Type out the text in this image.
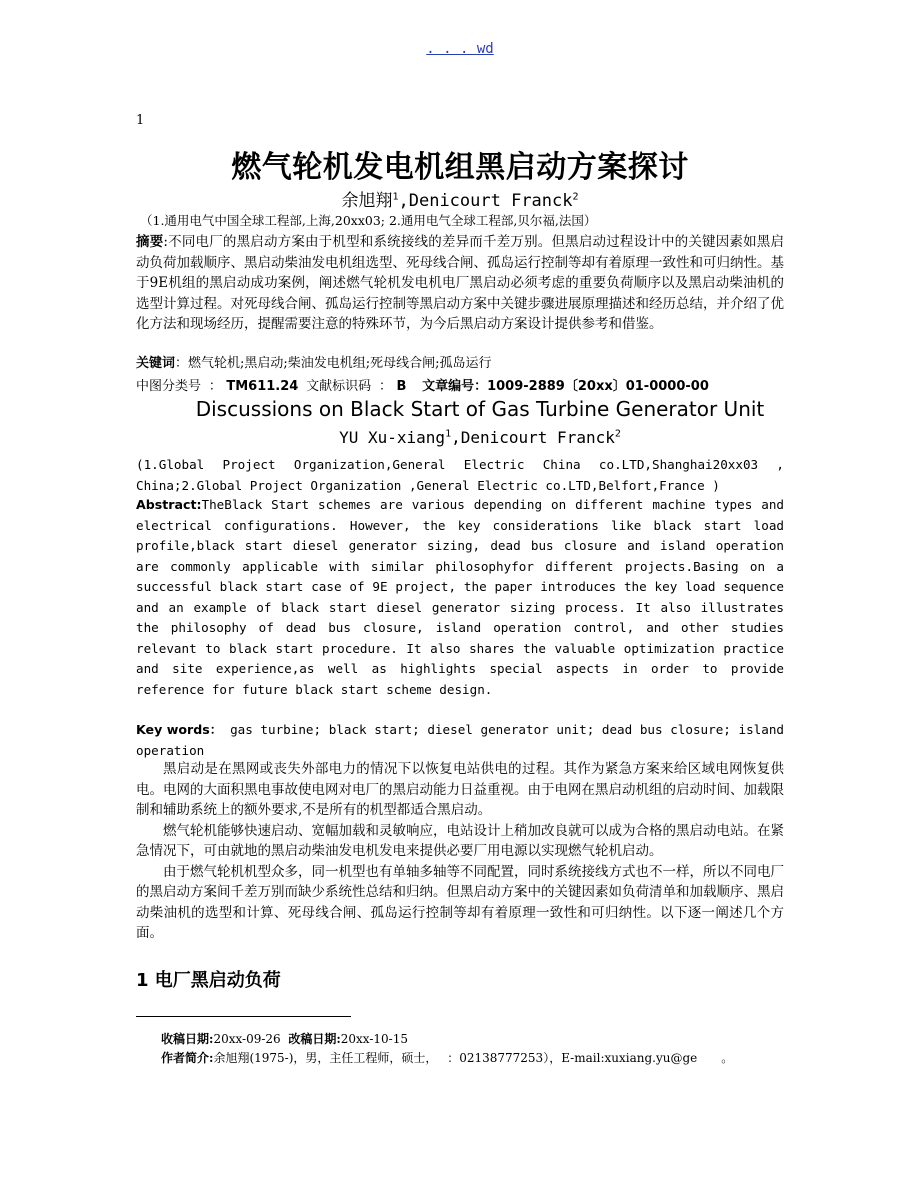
. . . wd
1
燃气轮机发电机组黑启动方案探讨
余旭翔$^1$,Denicourt Franck$^2$
（1.通用电气中国全球工程部,上海,20xx03; 2.通用电气全球工程部,贝尔福,法国）
摘要:不同电厂的黑启动方案由于机型和系统接线的差异而千差万别。但黑启动过程设计中的关键因素如黑启动负荷加载顺序、黑启动柴油发电机组选型、死母线合闸、孤岛运行控制等却有着原理一致性和可归纳性。基于9E机组的黑启动成功案例，阐述燃气轮机发电机电厂黑启动必须考虑的重要负荷顺序以及黑启动柴油机的选型计算过程。对死母线合闸、孤岛运行控制等黑启动方案中关键步骤进展原理描述和经历总结，并介绍了优化方法和现场经历，提醒需要注意的特殊环节，为今后黑启动方案设计提供参考和借鉴。
关键词：燃气轮机;黑启动;柴油发电机组;死母线合闸;孤岛运行
中图分类号 ： TM611.24 文献标识码 ： B 文章编号：1009-2889〔20xx〕01-0000-00
Discussions on Black Start of Gas Turbine Generator Unit
YU Xu-xiang$^1$,Denicourt Franck$^2$
(1.Global Project Organization,General Electric China co.LTD,Shanghai20xx03 , China;2.Global Project Organization ,General Electric co.LTD,Belfort,France )
Abstract:TheBlack Start schemes are various depending on different machine types and electrical configurations. However, the key considerations like black start load profile,black start diesel generator sizing, dead bus closure and island operation are commonly applicable with similar philosophyfor different projects.Basing on a successful black start case of 9E project, the paper introduces the key load sequence and an example of black start diesel generator sizing process. It also illustrates the philosophy of dead bus closure, island operation control, and other studies relevant to black start procedure. It also shares the valuable optimization practice and site experience,as well as highlights special aspects in order to provide reference for future black start scheme design.
Key words： gas turbine; black start; diesel generator unit; dead bus closure; island operation

黑启动是在黑网或丧失外部电力的情况下以恢复电站供电的过程。其作为紧急方案来给区域电网恢复供电。电网的大面积黑电事故使电网对电厂的黑启动能力日益重视。由于电网在黑启动机组的启动时间、加载限制和辅助系统上的额外要求,不是所有的机型都适合黑启动。

燃气轮机能够快速启动、宽幅加载和灵敏响应，电站设计上稍加改良就可以成为合格的黑启动电站。在紧急情况下，可由就地的黑启动柴油发电机发电来提供必要厂用电源以实现燃气轮机启动。

由于燃气轮机机型众多，同一机型也有单轴多轴等不同配置，同时系统接线方式也不一样，所以不同电厂的黑启动方案间千差万别而缺少系统性总结和归纳。但黑启动方案中的关键因素如负荷清单和加载顺序、黑启动柴油机的选型和计算、死母线合闸、孤岛运行控制等却有着原理一致性和可归纳性。以下逐一阐述几个方面。

1 电厂黑启动负荷
收稿日期:20xx-09-26 改稿日期:20xx-10-15
作者简介:余旭翔(1975-)，男，主任工程师，硕士，　 ：02138777253），E-mail:xuxiang.yu@ge　　。
